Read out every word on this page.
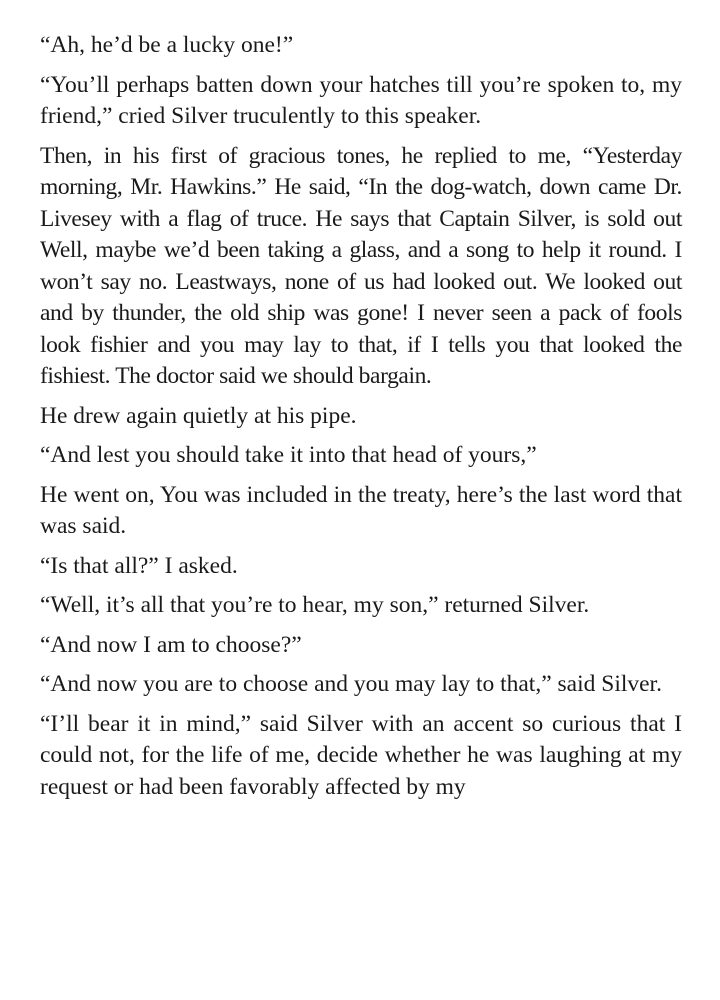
“Ah, he’d be a lucky one!”

“You’ll perhaps batten down your hatches till you’re spoken to, my friend,” cried Silver truculently to this speaker.

Then, in his first of gracious tones, he replied to me, “Yesterday morning, Mr. Hawkins.” He said, “In the dog-watch, down came Dr. Livesey with a flag of truce. He says that Captain Silver, is sold out Well, maybe we’d been taking a glass, and a song to help it round. I won’t say no. Leastways, none of us had looked out. We looked out and by thunder, the old ship was gone! I never seen a pack of fools look fishier and you may lay to that, if I tells you that looked the fishiest. The doctor said we should bargain.

He drew again quietly at his pipe.

“And lest you should take it into that head of yours,”

He went on, You was included in the treaty, here’s the last word that was said.

“Is that all?” I asked.

“Well, it’s all that you’re to hear, my son,” returned Silver.

“And now I am to choose?”

“And now you are to choose and you may lay to that,” said Silver.

“I’ll bear it in mind,” said Silver with an accent so curious that I could not, for the life of me, decide whether he was laughing at my request or had been favorably affected by my
